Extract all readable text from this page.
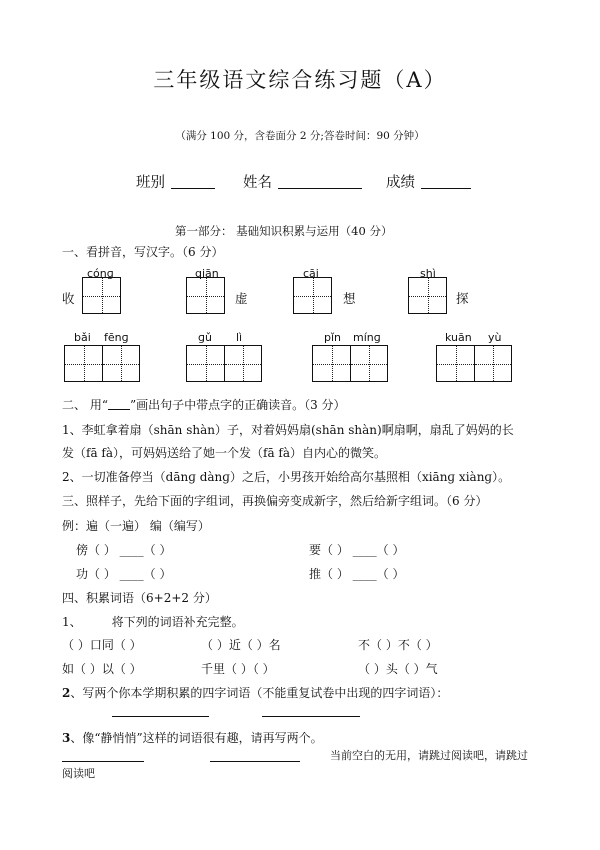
三年级语文综合练习题（A）
（满分 100 分，含卷面分 2 分;答卷时间：90 分钟）
班别	姓名	成绩
第一部分： 基础知识积累与运用（40 分）
一、看拼音，写汉字。（6 分）
cónɡ
收
qiān
虚
cāi
想
shì
探
bǎi fēnɡ	ɡǔ lì	pǐn mínɡ	kuān yù
二、 用“ ”画出句子中带点字的正确读音。（3 分）
1、李虹拿着扇（shān shàn）子，对着妈妈扇(shān shàn)啊扇啊，扇乱了妈妈的长
发（fā fà），可妈妈送给了她一个发（fā fà）自内心的微笑。
2、一切准备停当（dānɡ dànɡ）之后，小男孩开始给高尔基照相（xiānɡ xiànɡ）。
三、照样子，先给下面的字组词，再换偏旁变成新字，然后给新字组词。（6 分）
例：遍（一遍） 编（编写）
傍（ ） ____（ ）	要（ ） ____（ ）
功（ ） ____（ ）	推（ ） ____（ ）
四、积累词语（6+2+2 分）
1、	将下列的词语补充完整。
（ ）口同（ ）	（ ）近（ ）名	不（ ）不（ ）
如（ ）以（ ）	千里（ ）（ ）	（ ）头（ ）气
2、写两个你本学期积累的四字词语（不能重复试卷中出现的四字词语）：
3、像“静悄悄”这样的词语很有趣，请再写两个。
当前空白的无用，请跳过阅读吧，请跳过
阅读吧
